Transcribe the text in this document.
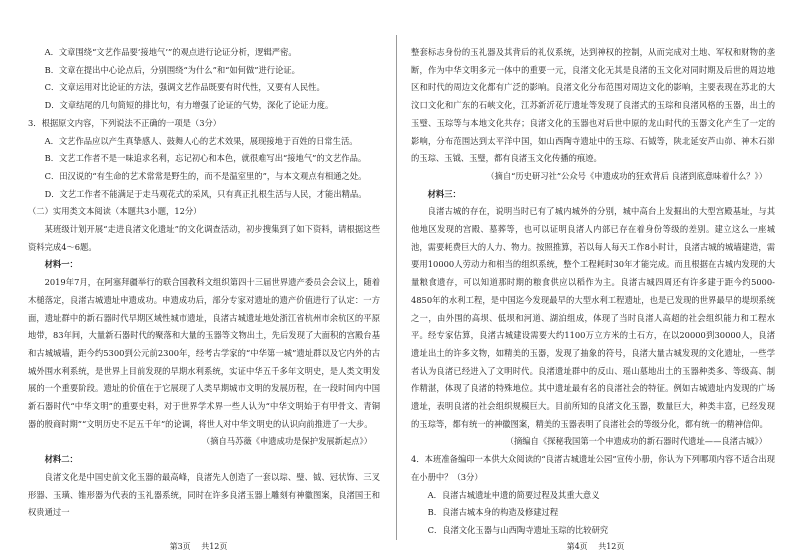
A．文章围绕“文艺作品要‘接地气’”的观点进行论证分析，逻辑严密。

B．文章在提出中心论点后，分别围绕“为什么”和“如何做”进行论证。

C．文章运用对比论证的方法，强调文艺作品既要有时代性，又要有人民性。

D．文章结尾的几句简短的排比句，有力增强了论证的气势，深化了论证力度。

3．根据原文内容，下列说法不正确的一项是（3分）

A．文艺作品应以产生真挚感人、鼓舞人心的艺术效果，展现接地于百姓的日常生活。

B．文艺工作者不是一味追求名利，忘记初心和本色，就很难写出“接地气”的文艺作品。

C．田汉说的“有生命的艺术常常是野生的，而不是温室里的”，与本文观点有相通之处。

D．文艺工作者不能满足于走马观花式的采风，只有真正扎根生活与人民，才能出精品。

（二）实用类文本阅读（本题共3小题，12分）

某班级计划开展“走进良渚文化遗址”的文化调查活动，初步搜集到了如下资料，请根据这些资料完成4～6题。

材料一：

2019年7月，在阿塞拜疆举行的联合国教科文组织第四十三届世界遗产委员会会议上，随着木槌落定，良渚古城遗址申遗成功。申遗成功后，部分专家对遗址的遗产价值进行了认定：一方面，遗址群中的新石器时代早期区域性城市遗址，良渚古城遗址地处浙江省杭州市余杭区的平原地带，83年间，大量新石器时代的聚落和大量的玉器等文物出土，先后发现了大面积的宫殿台基和古城城墙，距今约5300到公元前2300年，经考古学家的“中华第一城”遗址群以及它内外的古城外围水利系统，是世界上目前发现的早期水利系统，实证中华五千多年文明史，是人类文明发展的一个重要阶段。遗址的价值在于它展现了人类早期城市文明的发展历程，在一段时间内中国新石器时代“中华文明”的重要史料，对于世界学术界一些人认为“中华文明始于有甲骨文、青铜器的殷商时期”“文明历史不足五千年”的论调，将世人对中华文明史的认识向前推进了一大步。

（摘自马苏薇《申遗成功是保护发展新起点》）

材料二：

良渚文化是中国史前文化玉器的最高峰，良渚先人创造了一套以琮、璧、钺、冠状饰、三叉形器、玉璜、锥形器为代表的玉礼器系统，同时在许多良渚玉器上雕刻有神徽图案，良渚国王和权贵通过一

第3页 共12页

整套标志身份的玉礼器及其背后的礼仪系统，达到神权的控制，从而完成对土地、军权和财物的垄断，作为中华文明多元一体中的重要一元，良渚文化无其是良渚的玉文化对同时期及后世的周边地区和时代的周边文化都有广泛的影响。良渚文化分布范围对周边文化的影响，主要表现在苏北的大汶口文化和广东的石峡文化，江苏新沂花厅遗址等发现了良渚式的玉琮和良渚风格的玉器，出土的玉璧、玉琮等与本地文化共存；良渚文化的玉器也对后世中原的龙山时代的玉器文化产生了一定的影响，分布范围达到太平洋中国，如山西陶寺遗址中的玉琮、石钺等，陕北延安芦山峁、神木石峁的玉琮、玉钺、玉璧，都有良渚玉文化传播的痕迹。

（摘自“历史研习社”公众号《申遗成功的狂欢背后 良渚到底意味着什么？》）

材料三：

良渚古城的存在，说明当时已有了城内城外的分别，城中高台上发掘出的大型宫殿基址，与其他地区发现的宫殿、墓葬等，也可以证明良渚人内部已存在着身份等级的差别。建立这么一座城池，需要耗费巨大的人力、物力。按照推算，若以每人每天工作8小时计，良渚古城的城墙建造，需要用10000人劳动力和相当的组织系统，整个工程耗时30年才能完成。而且根据在古城内发现的大量粮食遗存，可以知道那时期的粮食供应以稻作为主。良渚古城四周还有许多建于距今约5000-4850年的水利工程，是中国迄今发现最早的大型水利工程遗址，也是已发现的世界最早的堤坝系统之一，由外围的高坝、低坝和河道、湖泊组成，体现了当时良渚人高超的社会组织能力和工程水平。经专家估算，良渚古城建设需要大约1100万立方米的土石方，在以20000到30000人，良渚遗址出土的许多文物，如精美的玉器，发现了抽象的符号，良渚大量古城发现的文化遗址，一些学者认为良渚已经进入了文明时代。良渚遗址群中的反山、瑶山墓地出土的玉器种类多、等级高、制作精湛，体现了良渚的特殊地位。其中遗址最有名的良渚社会的特征。例如古城遗址内发现的广场遗址，表明良渚的社会组织规模巨大。目前所知的良渚文化玉器，数量巨大，种类丰富，已经发现的玉琮等，都有统一的神徽图案，精美的玉器表明了良渚社会的等级分化，都有统一的精神信仰。

（摘编自《探秘我国第一个申遗成功的新石器时代遗址——良渚古城》）

4．本班准备编印一本供大众阅读的“良渚古城遗址公园”宣传小册，你认为下列哪项内容不适合出现在小册中？（3分）

A．良渚古城遗址申遗的简要过程及其重大意义

B．良渚古城本身的构造及修建过程

C．良渚文化玉器与山西陶寺遗址玉琮的比较研究

第4页 共12页
